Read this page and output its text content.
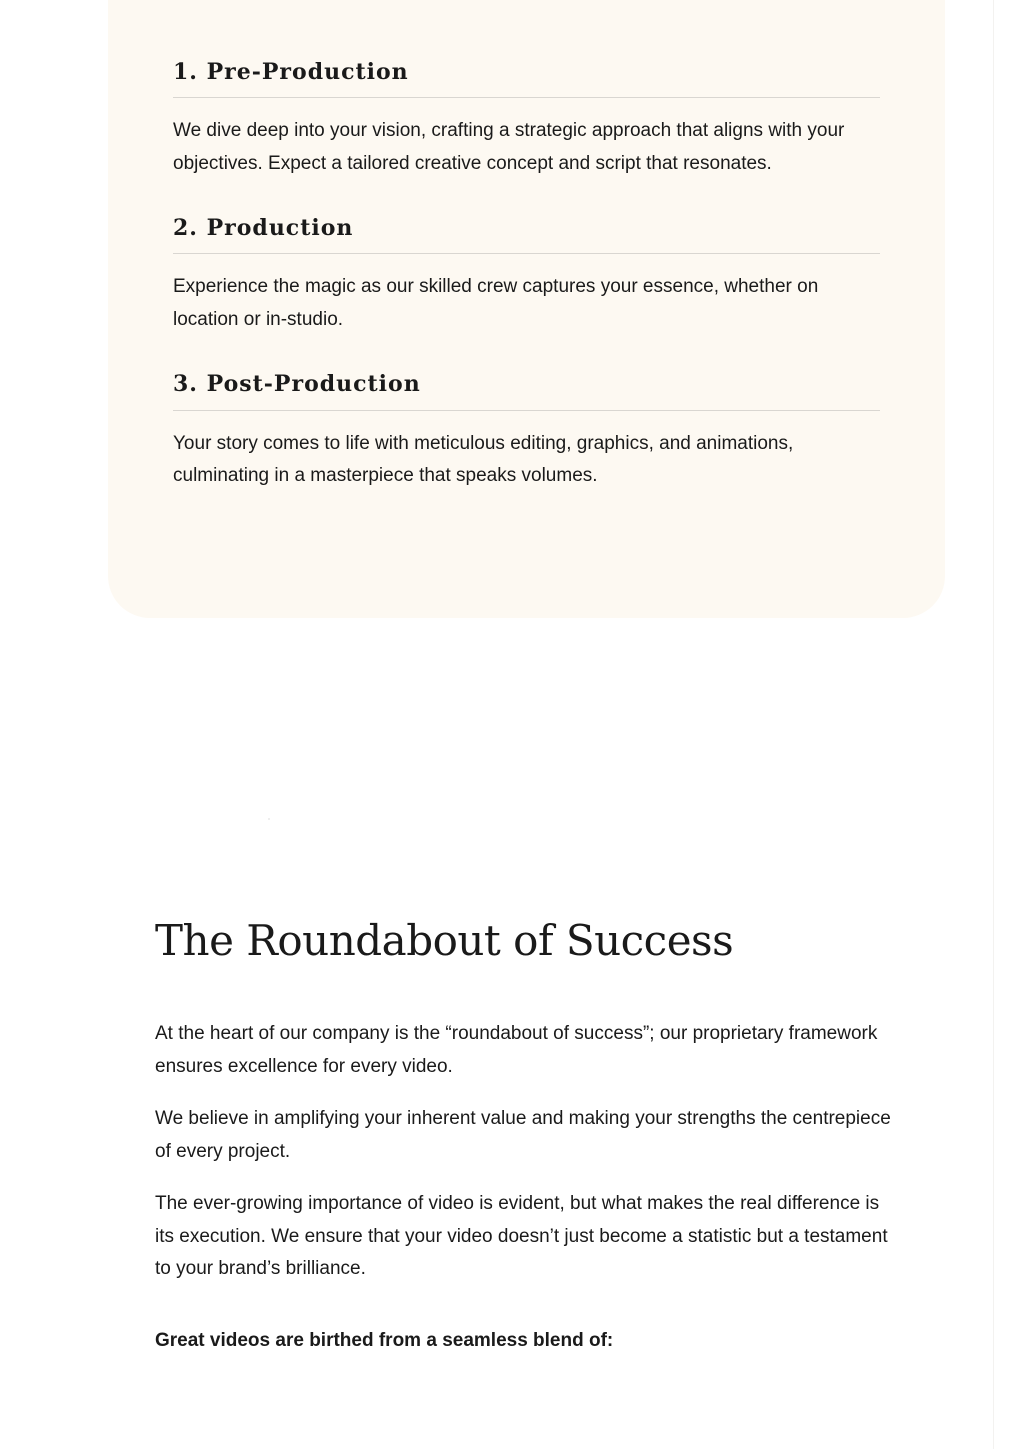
1. Pre-Production

We dive deep into your vision, crafting a strategic approach that aligns with your objectives. Expect a tailored creative concept and script that resonates.

2. Production

Experience the magic as our skilled crew captures your essence, whether on location or in-studio.

3. Post-Production

Your story comes to life with meticulous editing, graphics, and animations, culminating in a masterpiece that speaks volumes.

The Roundabout of Success

At the heart of our company is the “roundabout of success”; our proprietary framework ensures excellence for every video.

We believe in amplifying your inherent value and making your strengths the centrepiece of every project.

The ever-growing importance of video is evident, but what makes the real difference is its execution. We ensure that your video doesn’t just become a statistic but a testament to your brand’s brilliance.

Great videos are birthed from a seamless blend of:
